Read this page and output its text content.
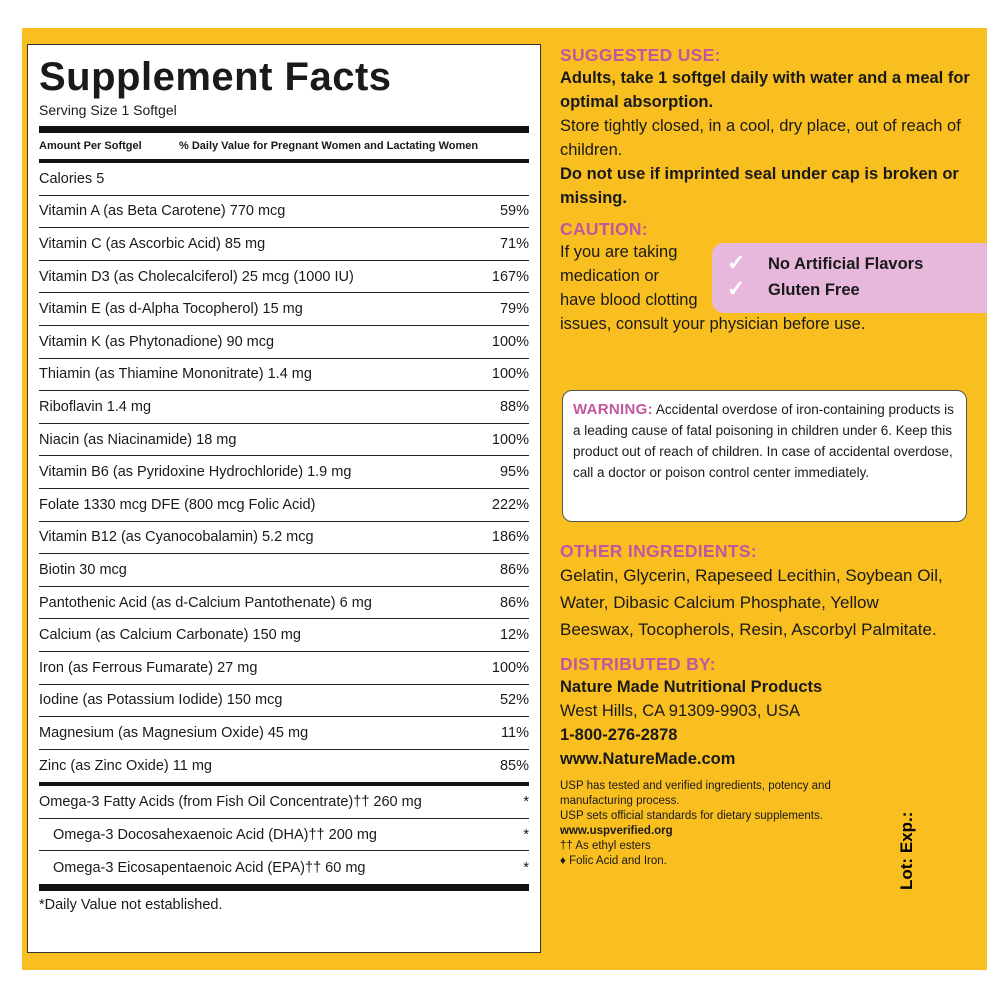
Supplement Facts
Serving Size 1 Softgel
Amount Per Softgel	% Daily Value for Pregnant Women and Lactating Women
Calories 5
Vitamin A (as Beta Carotene) 770 mcg	59%
Vitamin C (as Ascorbic Acid) 85 mg	71%
Vitamin D3 (as Cholecalciferol) 25 mcg (1000 IU)	167%
Vitamin E (as d-Alpha Tocopherol) 15 mg	79%
Vitamin K (as Phytonadione) 90 mcg	100%
Thiamin (as Thiamine Mononitrate) 1.4 mg	100%
Riboflavin 1.4 mg	88%
Niacin (as Niacinamide) 18 mg	100%
Vitamin B6 (as Pyridoxine Hydrochloride) 1.9 mg	95%
Folate 1330 mcg DFE (800 mcg Folic Acid)	222%
Vitamin B12 (as Cyanocobalamin) 5.2 mcg	186%
Biotin 30 mcg	86%
Pantothenic Acid (as d-Calcium Pantothenate) 6 mg	86%
Calcium (as Calcium Carbonate) 150 mg	12%
Iron (as Ferrous Fumarate) 27 mg	100%
Iodine (as Potassium Iodide) 150 mcg	52%
Magnesium (as Magnesium Oxide) 45 mg	11%
Zinc (as Zinc Oxide) 11 mg	85%
Omega-3 Fatty Acids (from Fish Oil Concentrate)†† 260 mg	*
Omega-3 Docosahexaenoic Acid (DHA)†† 200 mg	*
Omega-3 Eicosapentaenoic Acid (EPA)†† 60 mg	*
*Daily Value not established.
SUGGESTED USE:
Adults, take 1 softgel daily with water and a meal for optimal absorption.
Store tightly closed, in a cool, dry place, out of reach of children.
Do not use if imprinted seal under cap is broken or missing.
CAUTION:
If you are taking
medication or
have blood clotting
issues, consult your physician before use.
✓
✓
No Artificial Flavors
Gluten Free
WARNING: Accidental overdose of iron-containing products is a leading cause of fatal poisoning in children under 6. Keep this product out of reach of children. In case of accidental overdose, call a doctor or poison control center immediately.
OTHER INGREDIENTS:
Gelatin, Glycerin, Rapeseed Lecithin, Soybean Oil, Water, Dibasic Calcium Phosphate, Yellow Beeswax, Tocopherols, Resin, Ascorbyl Palmitate.
DISTRIBUTED BY:
Nature Made Nutritional Products
West Hills, CA 91309-9903, USA
1-800-276-2878
www.NatureMade.com
USP has tested and verified ingredients, potency and manufacturing process.
USP sets official standards for dietary supplements.
www.uspverified.org
†† As ethyl esters
♦ Folic Acid and Iron.	Lot: Exp.:
